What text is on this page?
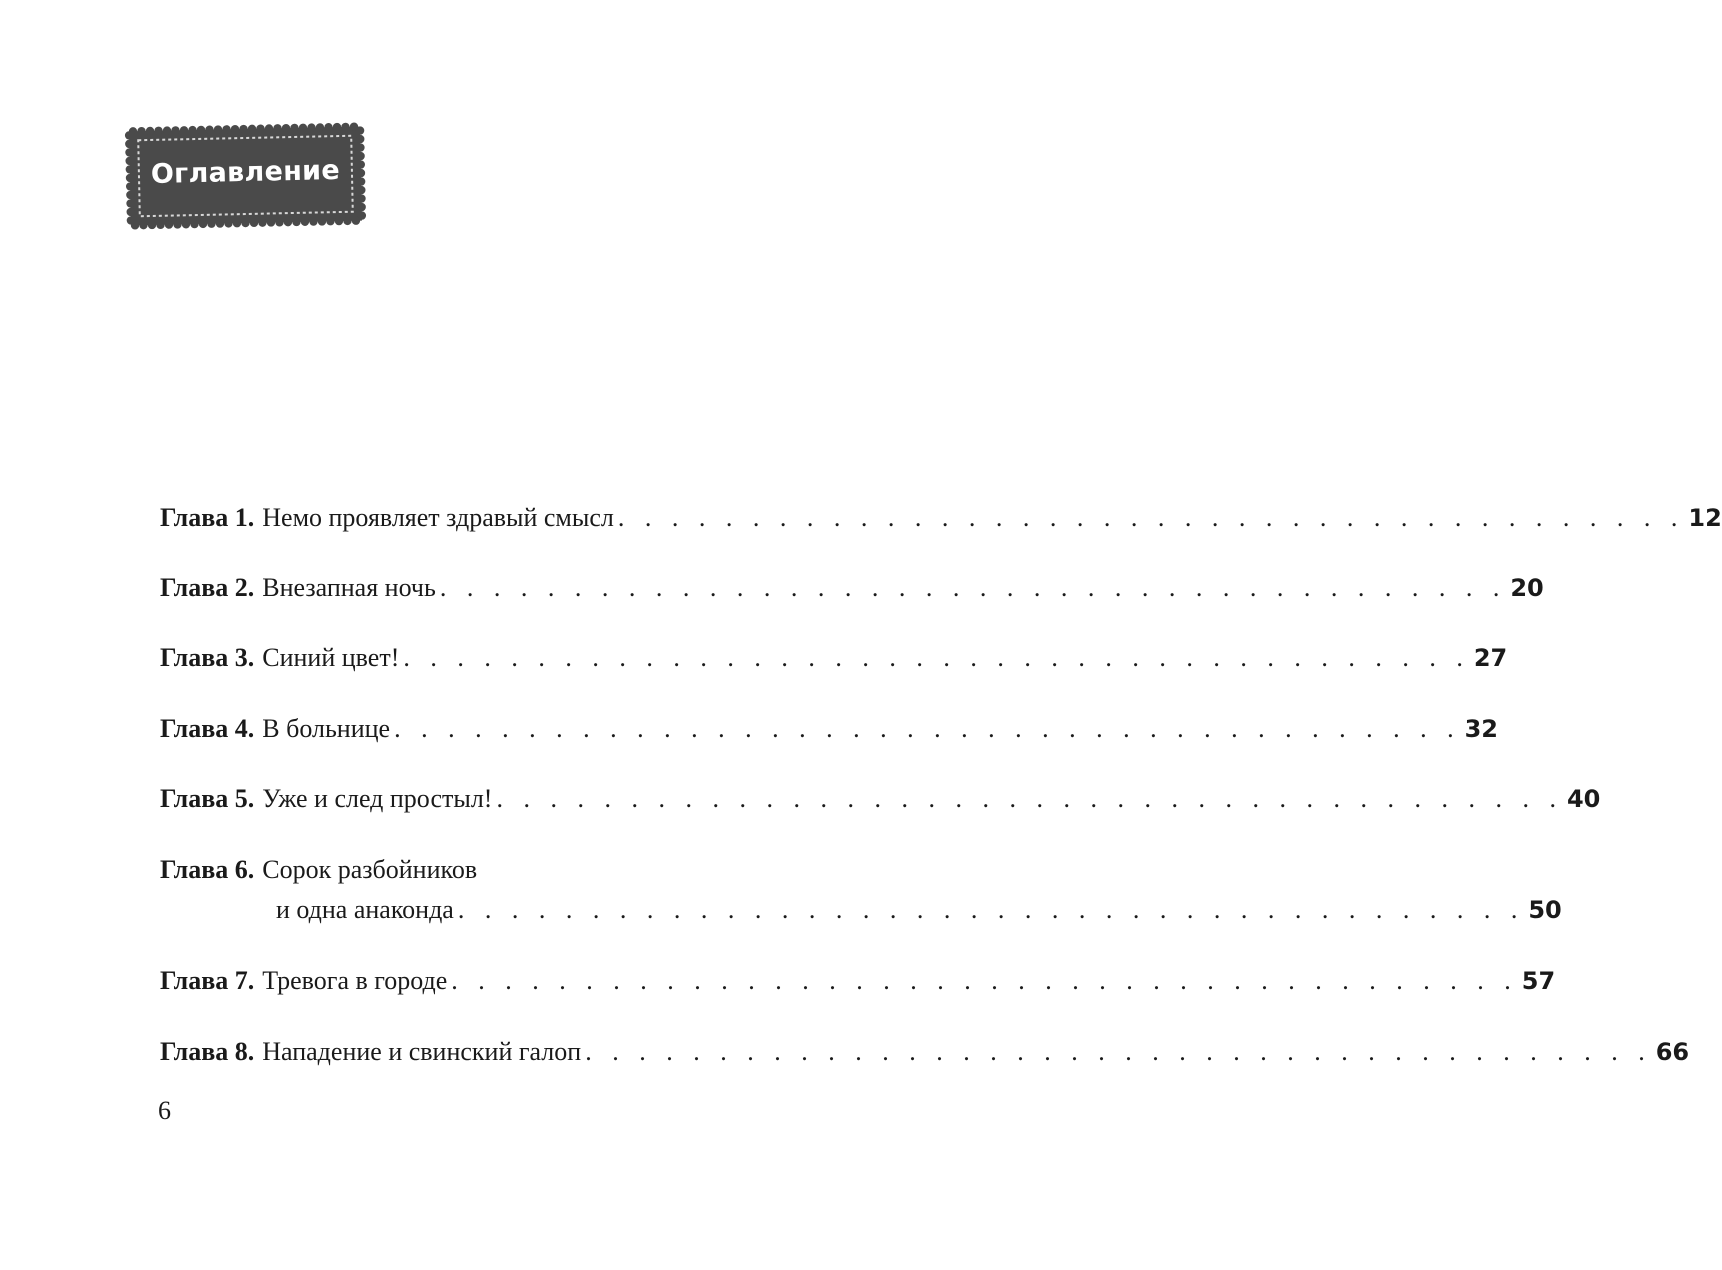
Оглавление
Глава 1. Немо проявляет здравый смысл . . . . . . . . . . . . . . . . . . . . . . . . . . . . . . . . . . . . . . . . 12
Глава 2. Внезапная ночь . . . . . . . . . . . . . . . . . . . . . . . . . . . . . . . . . . . . . . . . 20
Глава 3. Синий цвет! . . . . . . . . . . . . . . . . . . . . . . . . . . . . . . . . . . . . . . . . 27
Глава 4. В больнице . . . . . . . . . . . . . . . . . . . . . . . . . . . . . . . . . . . . . . . . 32
Глава 5. Уже и след простыл! . . . . . . . . . . . . . . . . . . . . . . . . . . . . . . . . . . . . . . . . 40
Глава 6. Сорок разбойников
и одна анаконда . . . . . . . . . . . . . . . . . . . . . . . . . . . . . . . . . . . . . . . . 50
Глава 7. Тревога в городе . . . . . . . . . . . . . . . . . . . . . . . . . . . . . . . . . . . . . . . . 57
Глава 8. Нападение и свинский галоп . . . . . . . . . . . . . . . . . . . . . . . . . . . . . . . . . . . . . . . . 66
6
